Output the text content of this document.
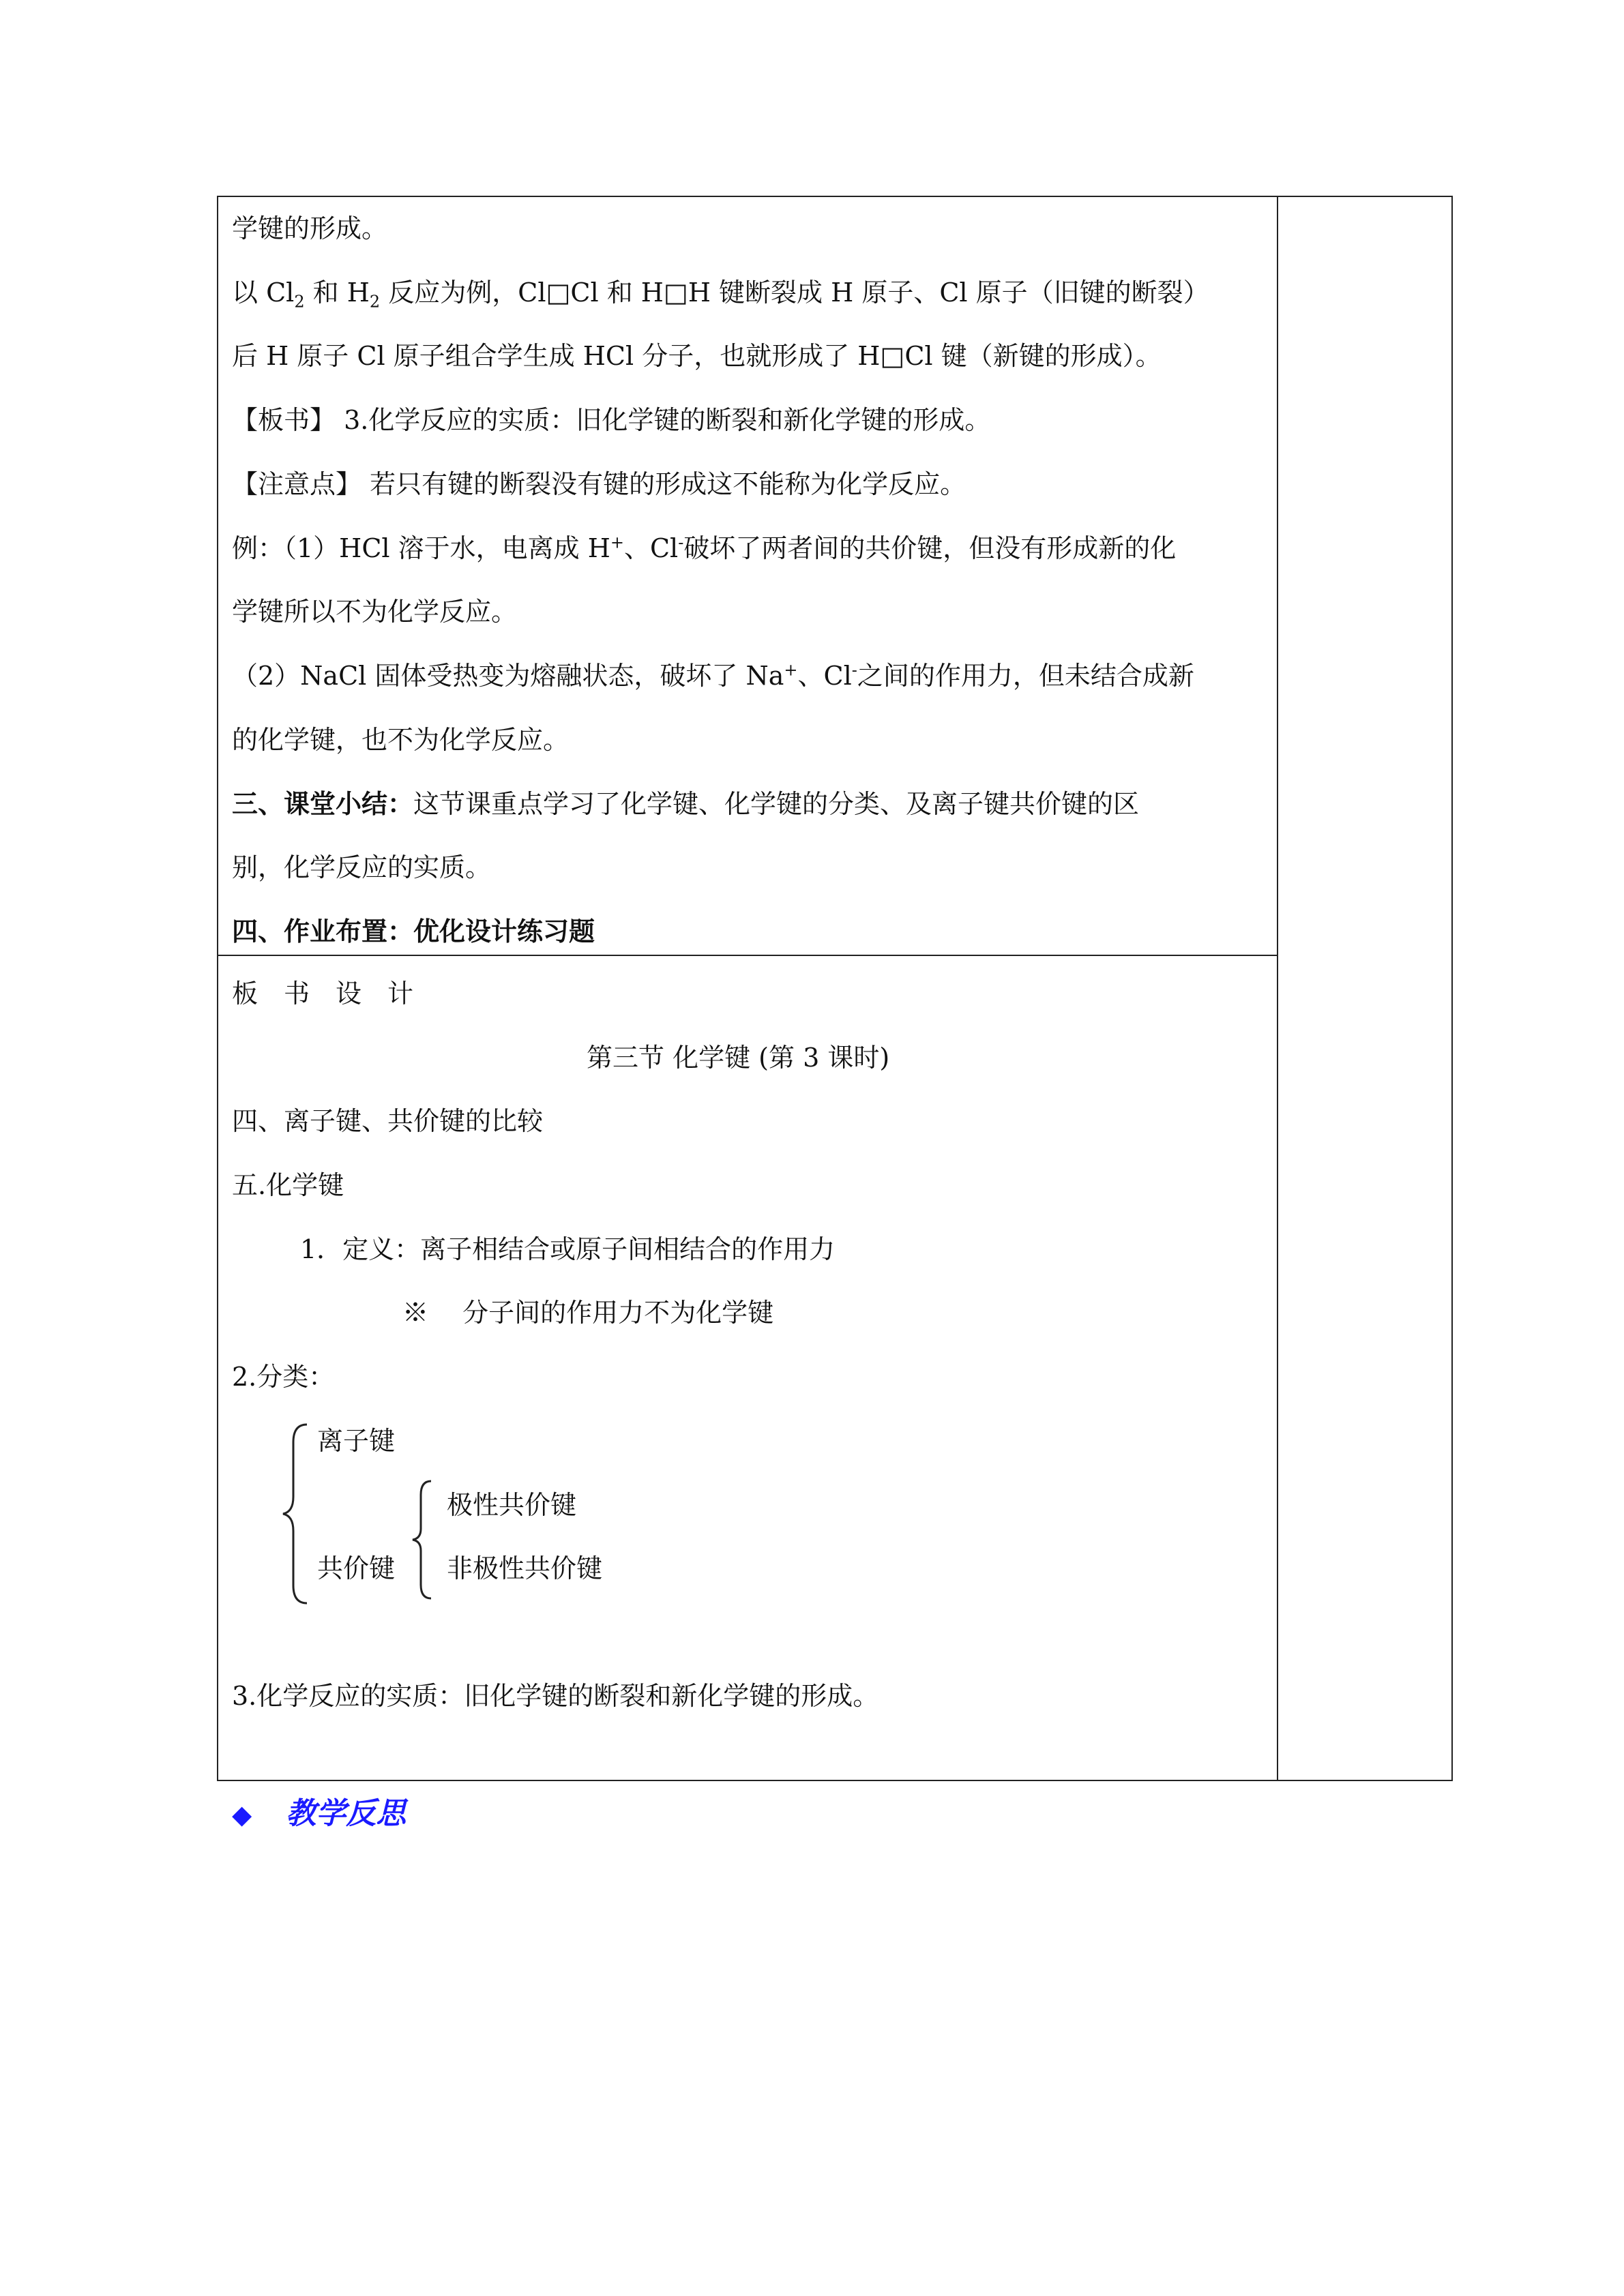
学键的形成。
以 $Cl_2$ 和 $H_2$ 反应为例，Cl□Cl 和 H□H 键断裂成 H 原子、Cl 原子（旧键的断裂）
后 H 原子 Cl 原子组合学生成 HCl 分子，也就形成了 H□Cl 键（新键的形成）。
【板书】 3.化学反应的实质：旧化学键的断裂和新化学键的形成。
【注意点】 若只有键的断裂没有键的形成这不能称为化学反应。
例：（1）HCl 溶于水，电离成 H+、Cl-破坏了两者间的共价键，但没有形成新的化
学键所以不为化学反应。
（2）NaCl 固体受热变为熔融状态，破坏了 Na+、Cl-之间的作用力，但未结合成新
的化学键，也不为化学反应。
三、课堂小结：这节课重点学习了化学键、化学键的分类、及离子键共价键的区
别，化学反应的实质。
四、作业布置：优化设计练习题
板　书　设　计
第三节 化学键 (第 3 课时)
四、离子键、共价键的比较
五.化学键
1．定义：离子相结合或原子间相结合的作用力
※　 分子间的作用力不为化学键
2.分类：
离子键
共价键
极性共价键
非极性共价键
3.化学反应的实质：旧化学键的断裂和新化学键的形成。
◆ 教学反思
